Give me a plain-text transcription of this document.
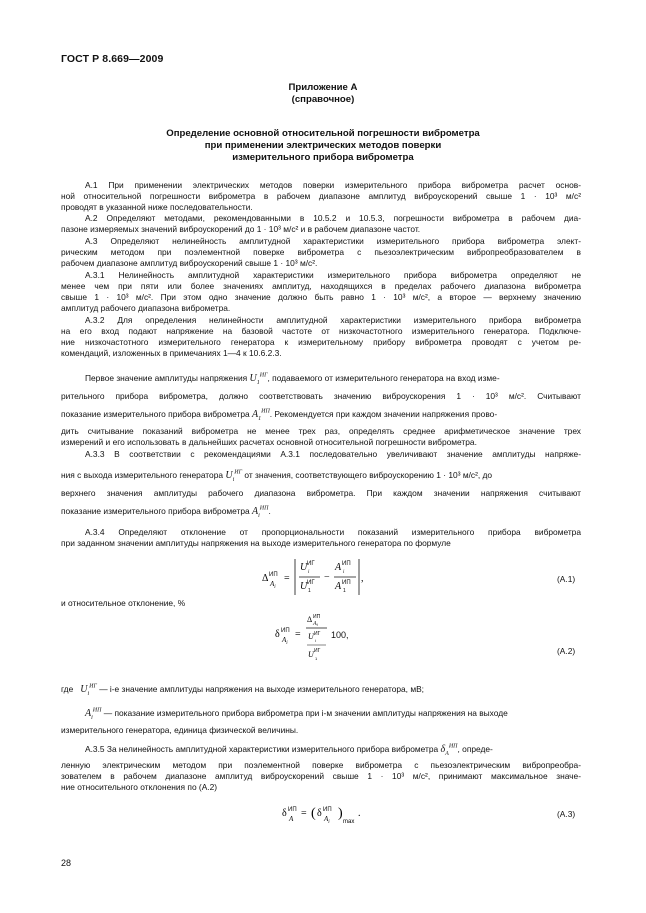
ГОСТ Р 8.669—2009
Приложение А
(справочное)
Определение основной относительной погрешности виброметра
при применении электрических методов поверки
измерительного прибора виброметра
А.1 При применении электрических методов поверки измерительного прибора виброметра расчет основ-
ной относительной погрешности виброметра в рабочем диапазоне амплитуд виброускорений свыше 1 · 10³ м/с²
проводят в указанной ниже последовательности.
А.2 Определяют методами, рекомендованными в 10.5.2 и 10.5.3, погрешности виброметра в рабочем диа-
пазоне измеряемых значений виброускорений до 1 · 10³ м/с² и в рабочем диапазоне частот.
А.3 Определяют нелинейность амплитудной характеристики измерительного прибора виброметра элект-
рическим методом при поэлементной поверке виброметра с пьезоэлектрическим вибропреобразователем в
рабочем диапазоне амплитуд виброускорений свыше 1 · 10³ м/с².
А.3.1 Нелинейность амплитудной характеристики измерительного прибора виброметра определяют не
менее чем при пяти или более значениях амплитуд, находящихся в пределах рабочего диапазона виброметра
свыше 1 · 10³ м/с². При этом одно значение должно быть равно 1 · 10³ м/с², а второе — верхнему значению
амплитуд рабочего диапазона виброметра.
А.3.2 Для определения нелинейности амплитудной характеристики измерительного прибора виброметра
на его вход подают напряжение на базовой частоте от низкочастотного измерительного генератора. Подключе-
ние низкочастотного измерительного генератора к измерительному прибору виброметра проводят с учетом ре-
комендаций, изложенных в примечаниях 1—4 к 10.6.2.3.
Первое значение амплитуды напряжения $U_1^{ИГ}$, подаваемого от измерительного генератора на вход изме-
рительного прибора виброметра, должно соответствовать значению виброускорения 1 · 10³ м/с². Считывают
показание измерительного прибора виброметра $A_1^{ИП}$. Рекомендуется при каждом значении напряжения прово-
дить считывание показаний виброметра не менее трех раз, определять среднее арифметическое значение трех
измерений и его использовать в дальнейших расчетах основной относительной погрешности виброметра.
А.3.3 В соответствии с рекомендациями А.3.1 последовательно увеличивают значение амплитуды напряже-
ния с выхода измерительного генератора $U_i^{ИГ}$ от значения, соответствующего виброускорению 1 · 10³ м/с², до
верхнего значения амплитуды рабочего диапазона виброметра. При каждом значении напряжения считывают
показание измерительного прибора виброметра $A_i^{ИП}$.
А.3.4 Определяют отклонение от пропорциональности показаний измерительного прибора виброметра
при заданном значении амплитуды напряжения на выходе измерительного генератора по формуле
Δ ИП
$A_i$
=
U ИГ
i
U ИГ
1
−
A ИП
i
A ИП
1
,	(А.1)
и относительное отклонение, %
δ ИП
$A_i$
=
Δ ИП
Ai
U ИГ
i
U ИГ
1
100,
(А.2)
где $U_i^{ИГ}$ — i-е значение амплитуды напряжения на выходе измерительного генератора, мВ;
$A_i^{ИП}$ — показание измерительного прибора виброметра при i-м значении амплитуды напряжения на выходе
измерительного генератора, единица физической величины.
А.3.5 За нелинейность амплитудной характеристики измерительного прибора виброметра $\delta_A^{ИП}$, опреде-
ленную электрическим методом при поэлементной поверке виброметра с пьезоэлектрическим вибропреобра-
зователем в рабочем диапазоне амплитуд виброускорений свыше 1 · 10³ м/с², принимают максимальное значе-
ние относительного отклонения по (А.2)
δ ИП
A = ( δ ИП
$A_i$
)
max
.	(А.3)
28
